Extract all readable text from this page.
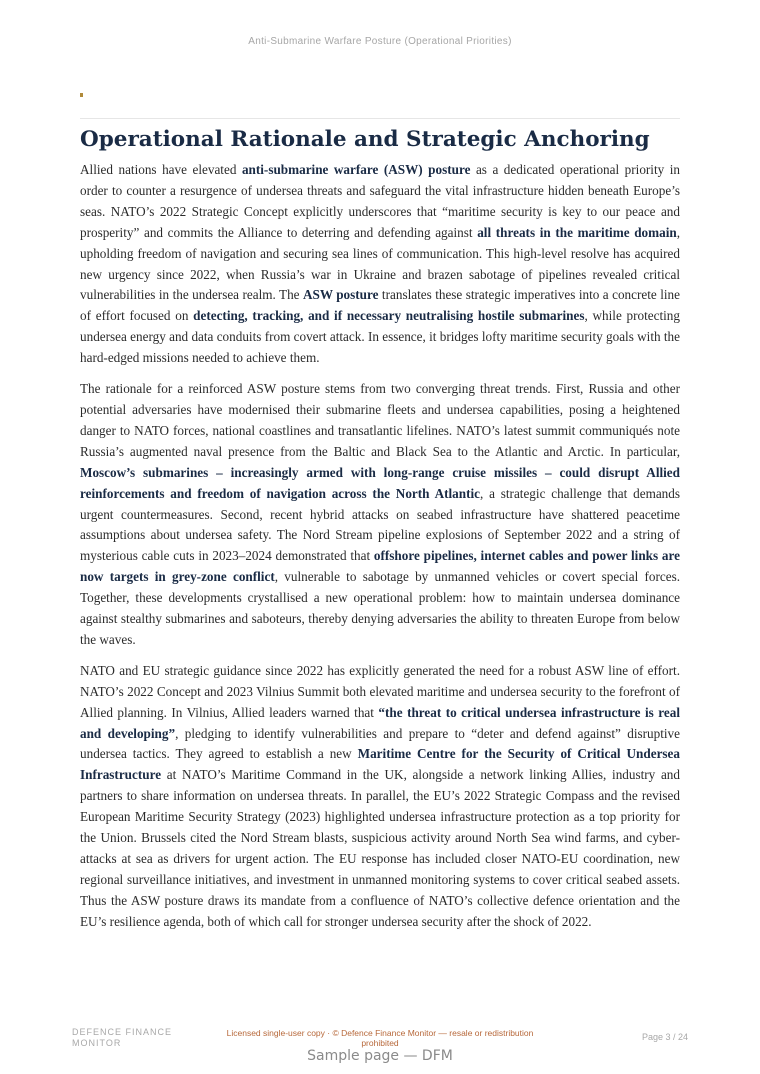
Anti-Submarine Warfare Posture (Operational Priorities)
Operational Rationale and Strategic Anchoring

Allied nations have elevated anti-submarine warfare (ASW) posture as a dedicated operational priority in order to counter a resurgence of undersea threats and safeguard the vital infrastructure hidden beneath Europe’s seas. NATO’s 2022 Strategic Concept explicitly underscores that “maritime security is key to our peace and prosperity” and commits the Alliance to deterring and defending against all threats in the maritime domain, upholding freedom of navigation and securing sea lines of communication. This high-level resolve has acquired new urgency since 2022, when Russia’s war in Ukraine and brazen sabotage of pipelines revealed critical vulnerabilities in the undersea realm. The ASW posture translates these strategic imperatives into a concrete line of effort focused on detecting, tracking, and if necessary neutralising hostile submarines, while protecting undersea energy and data conduits from covert attack. In essence, it bridges lofty maritime security goals with the hard-edged missions needed to achieve them.

The rationale for a reinforced ASW posture stems from two converging threat trends. First, Russia and other potential adversaries have modernised their submarine fleets and undersea capabilities, posing a heightened danger to NATO forces, national coastlines and transatlantic lifelines. NATO’s latest summit communiqués note Russia’s augmented naval presence from the Baltic and Black Sea to the Atlantic and Arctic. In particular, Moscow’s submarines – increasingly armed with long-range cruise missiles – could disrupt Allied reinforcements and freedom of navigation across the North Atlantic, a strategic challenge that demands urgent countermeasures. Second, recent hybrid attacks on seabed infrastructure have shattered peacetime assumptions about undersea safety. The Nord Stream pipeline explosions of September 2022 and a string of mysterious cable cuts in 2023–2024 demonstrated that offshore pipelines, internet cables and power links are now targets in grey-zone conflict, vulnerable to sabotage by unmanned vehicles or covert special forces. Together, these developments crystallised a new operational problem: how to maintain undersea dominance against stealthy submarines and saboteurs, thereby denying adversaries the ability to threaten Europe from below the waves.

NATO and EU strategic guidance since 2022 has explicitly generated the need for a robust ASW line of effort. NATO’s 2022 Concept and 2023 Vilnius Summit both elevated maritime and undersea security to the forefront of Allied planning. In Vilnius, Allied leaders warned that “the threat to critical undersea infrastructure is real and developing”, pledging to identify vulnerabilities and prepare to “deter and defend against” disruptive undersea tactics. They agreed to establish a new Maritime Centre for the Security of Critical Undersea Infrastructure at NATO’s Maritime Command in the UK, alongside a network linking Allies, industry and partners to share information on undersea threats. In parallel, the EU’s 2022 Strategic Compass and the revised European Maritime Security Strategy (2023) highlighted undersea infrastructure protection as a top priority for the Union. Brussels cited the Nord Stream blasts, suspicious activity around North Sea wind farms, and cyber-attacks at sea as drivers for urgent action. The EU response has included closer NATO-EU coordination, new regional surveillance initiatives, and investment in unmanned monitoring systems to cover critical seabed assets. Thus the ASW posture draws its mandate from a confluence of NATO’s collective defence orientation and the EU’s resilience agenda, both of which call for stronger undersea security after the shock of 2022.

DEFENCE FINANCE
MONITOR
Licensed single-user copy · © Defence Finance Monitor — resale or redistribution
prohibited
Page 3 / 24
Sample page — DFM
